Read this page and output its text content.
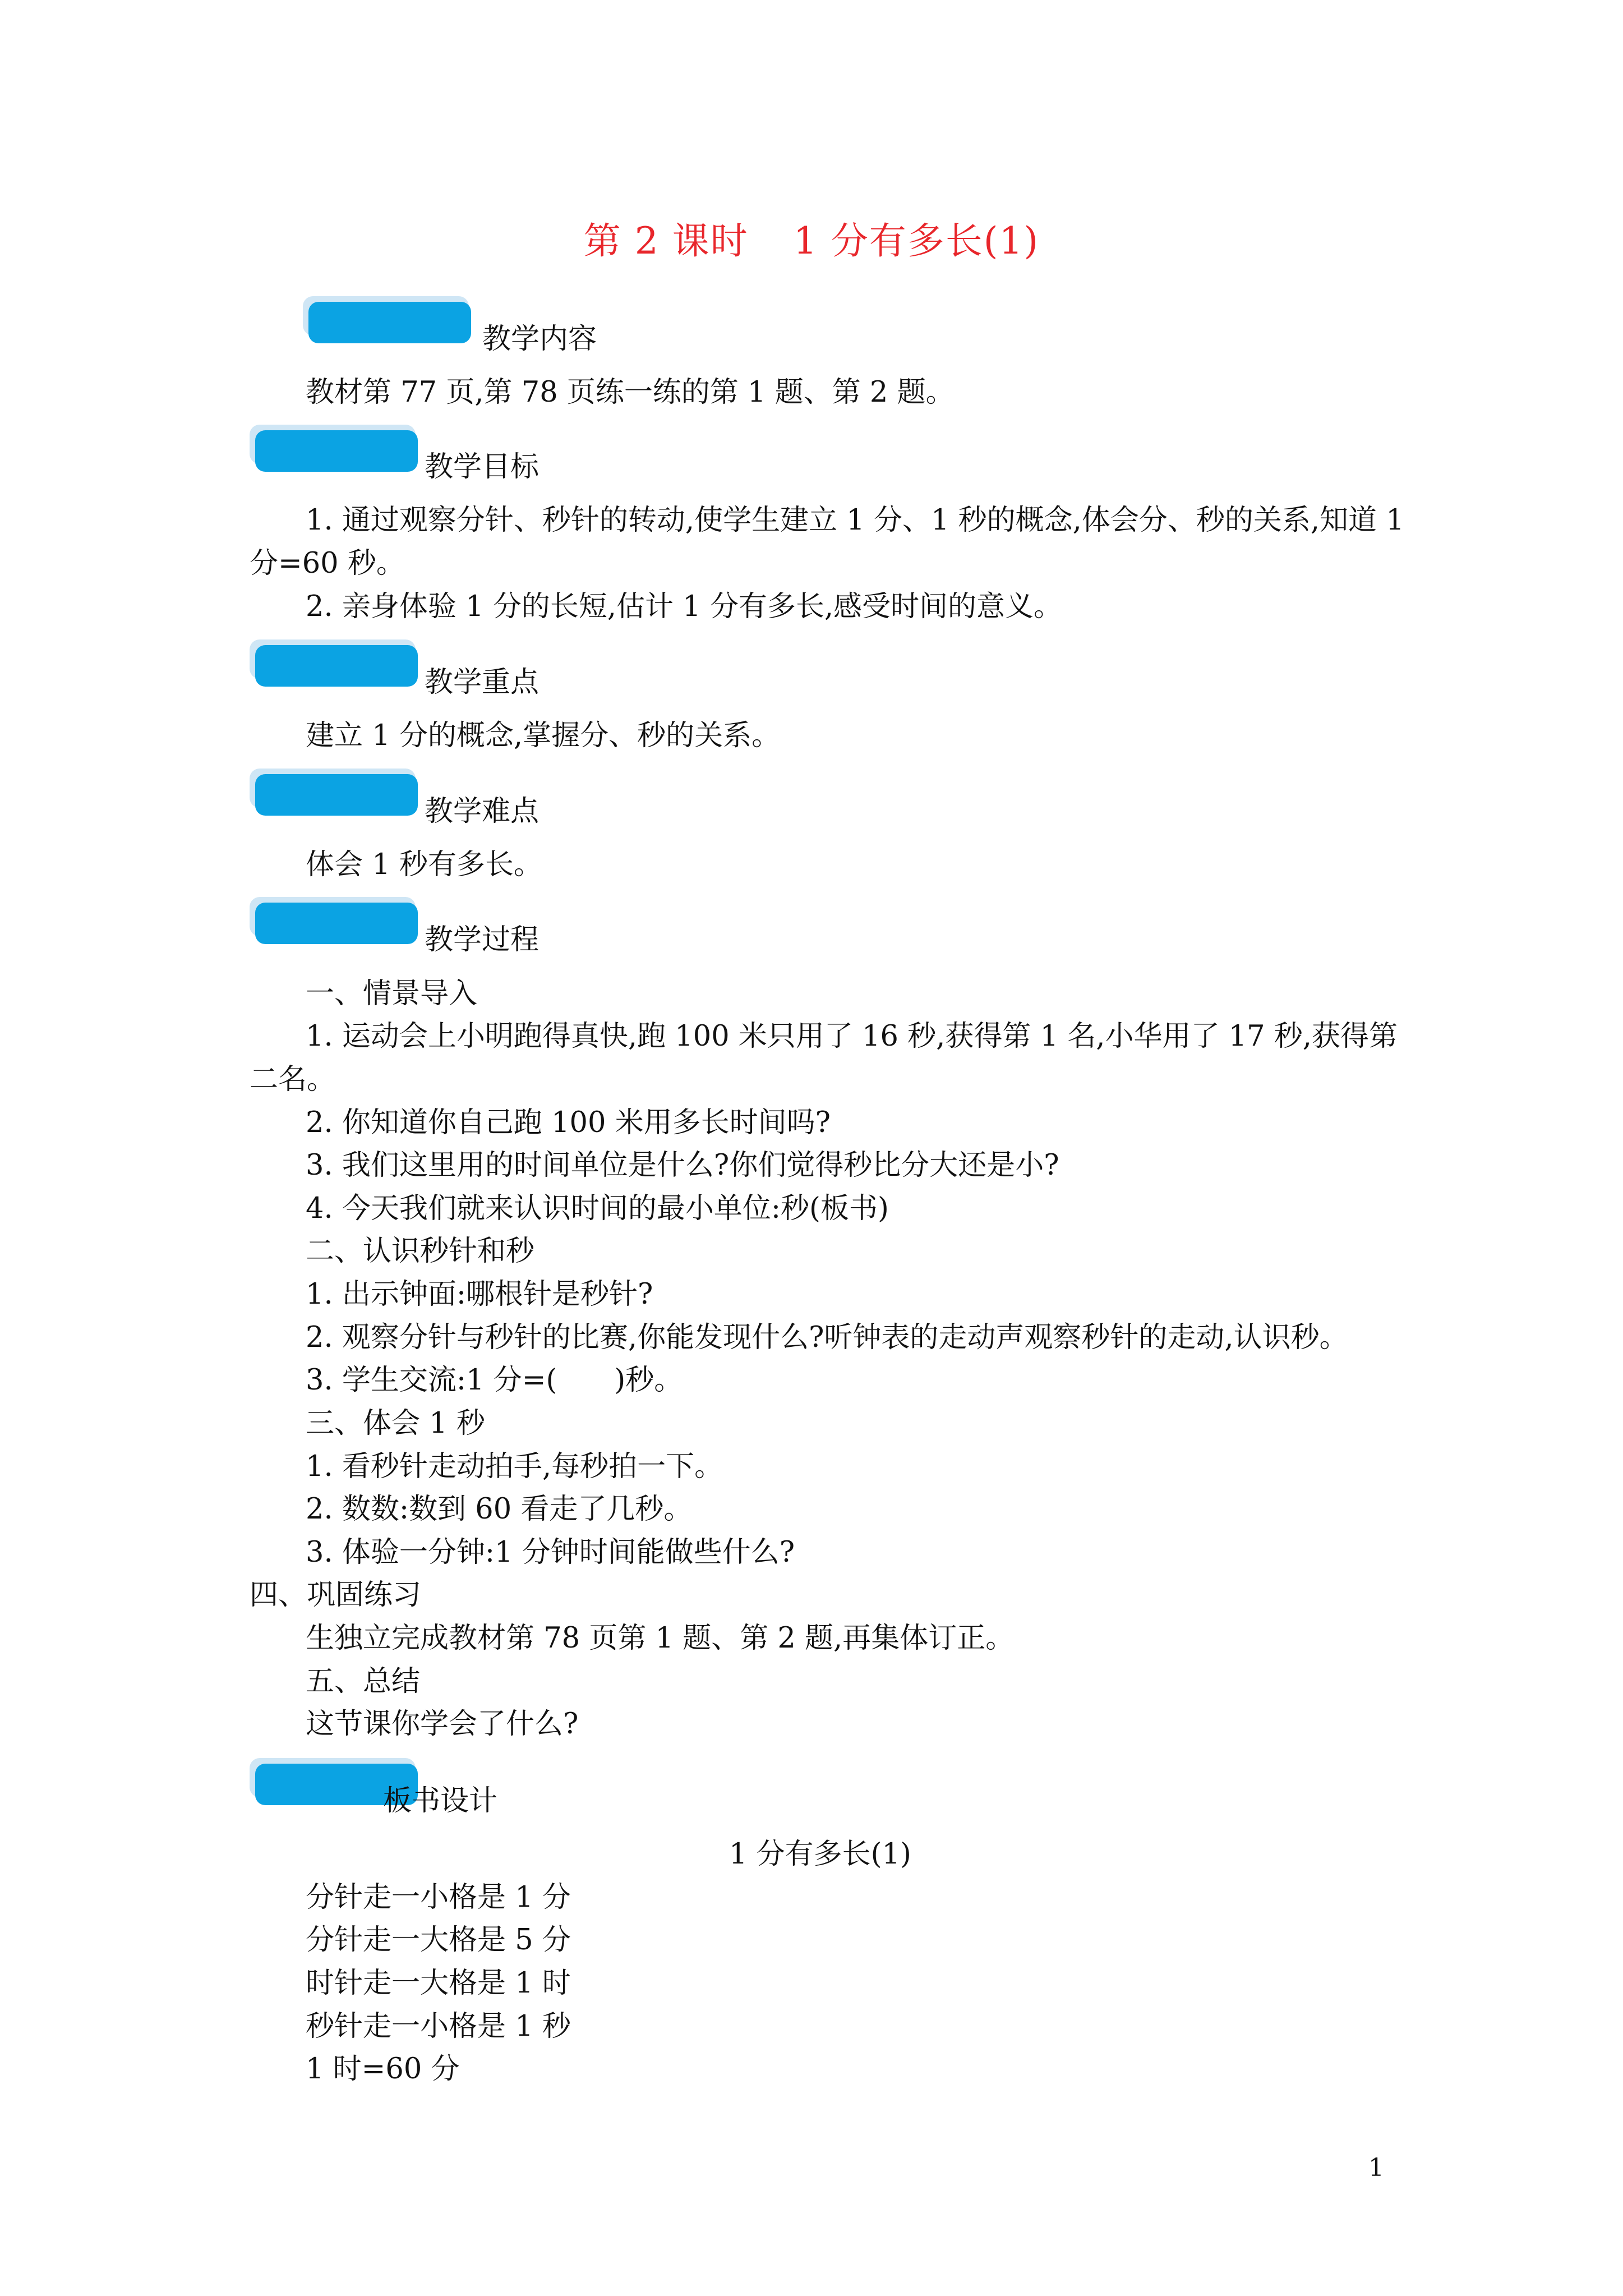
第 2 课时 1 分有多长(1)
教学内容
教材第 77 页,第 78 页练一练的第 1 题、第 2 题。
教学目标
1. 通过观察分针、秒针的转动,使学生建立 1 分、1 秒的概念,体会分、秒的关系,知道 1
分=60 秒。
2. 亲身体验 1 分的长短,估计 1 分有多长,感受时间的意义。
教学重点
建立 1 分的概念,掌握分、秒的关系。
教学难点
体会 1 秒有多长。
教学过程
一、情景导入
1. 运动会上小明跑得真快,跑 100 米只用了 16 秒,获得第 1 名,小华用了 17 秒,获得第
二名。
2. 你知道你自己跑 100 米用多长时间吗?
3. 我们这里用的时间单位是什么?你们觉得秒比分大还是小?
4. 今天我们就来认识时间的最小单位:秒(板书)
二、认识秒针和秒
1. 出示钟面:哪根针是秒针?
2. 观察分针与秒针的比赛,你能发现什么?听钟表的走动声观察秒针的走动,认识秒。
3. 学生交流:1 分=(　　)秒。
三、体会 1 秒
1. 看秒针走动拍手,每秒拍一下。
2. 数数:数到 60 看走了几秒。
3. 体验一分钟:1 分钟时间能做些什么?
四、巩固练习
生独立完成教材第 78 页第 1 题、第 2 题,再集体订正。
五、总结
这节课你学会了什么?
板书设计
1 分有多长(1)
分针走一小格是 1 分
分针走一大格是 5 分
时针走一大格是 1 时
秒针走一小格是 1 秒
1 时=60 分
1
